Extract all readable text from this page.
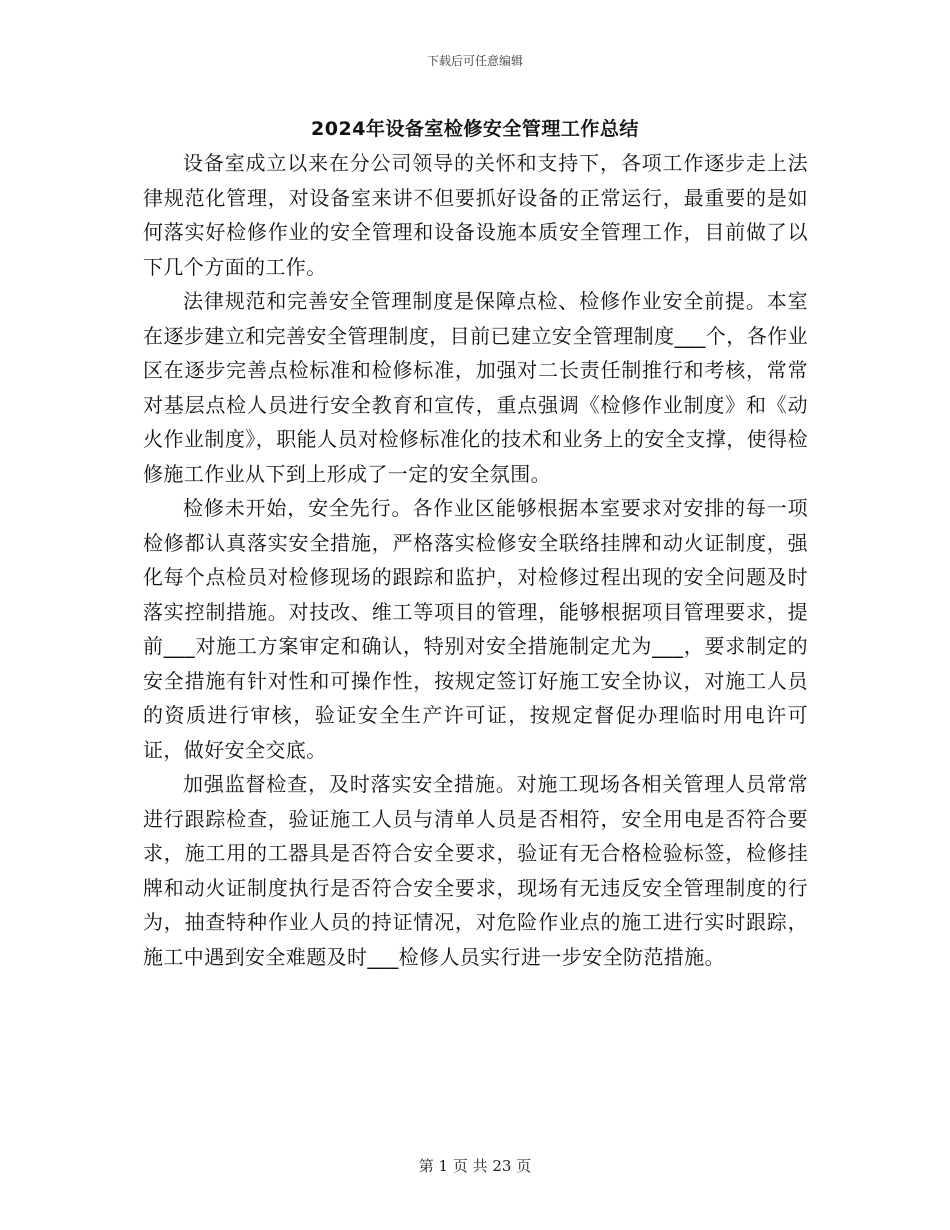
下载后可任意编辑
2024年设备室检修安全管理工作总结

设备室成立以来在分公司领导的关怀和支持下，各项工作逐步走上法律规范化管理，对设备室来讲不但要抓好设备的正常运行，最重要的是如何落实好检修作业的安全管理和设备设施本质安全管理工作，目前做了以下几个方面的工作。

法律规范和完善安全管理制度是保障点检、检修作业安全前提。本室在逐步建立和完善安全管理制度，目前已建立安全管理制度___个，各作业区在逐步完善点检标准和检修标准，加强对二长责任制推行和考核，常常对基层点检人员进行安全教育和宣传，重点强调《检修作业制度》和《动火作业制度》，职能人员对检修标准化的技术和业务上的安全支撑，使得检修施工作业从下到上形成了一定的安全氛围。

检修未开始，安全先行。各作业区能够根据本室要求对安排的每一项检修都认真落实安全措施，严格落实检修安全联络挂牌和动火证制度，强化每个点检员对检修现场的跟踪和监护，对检修过程出现的安全问题及时落实控制措施。对技改、维工等项目的管理，能够根据项目管理要求，提前___对施工方案审定和确认，特别对安全措施制定尤为___，要求制定的安全措施有针对性和可操作性，按规定签订好施工安全协议，对施工人员的资质进行审核，验证安全生产许可证，按规定督促办理临时用电许可证，做好安全交底。

加强监督检查，及时落实安全措施。对施工现场各相关管理人员常常进行跟踪检查，验证施工人员与清单人员是否相符，安全用电是否符合要求，施工用的工器具是否符合安全要求，验证有无合格检验标签，检修挂牌和动火证制度执行是否符合安全要求，现场有无违反安全管理制度的行为，抽查特种作业人员的持证情况，对危险作业点的施工进行实时跟踪，施工中遇到安全难题及时___检修人员实行进一步安全防范措施。

第 1 页 共 23 页
